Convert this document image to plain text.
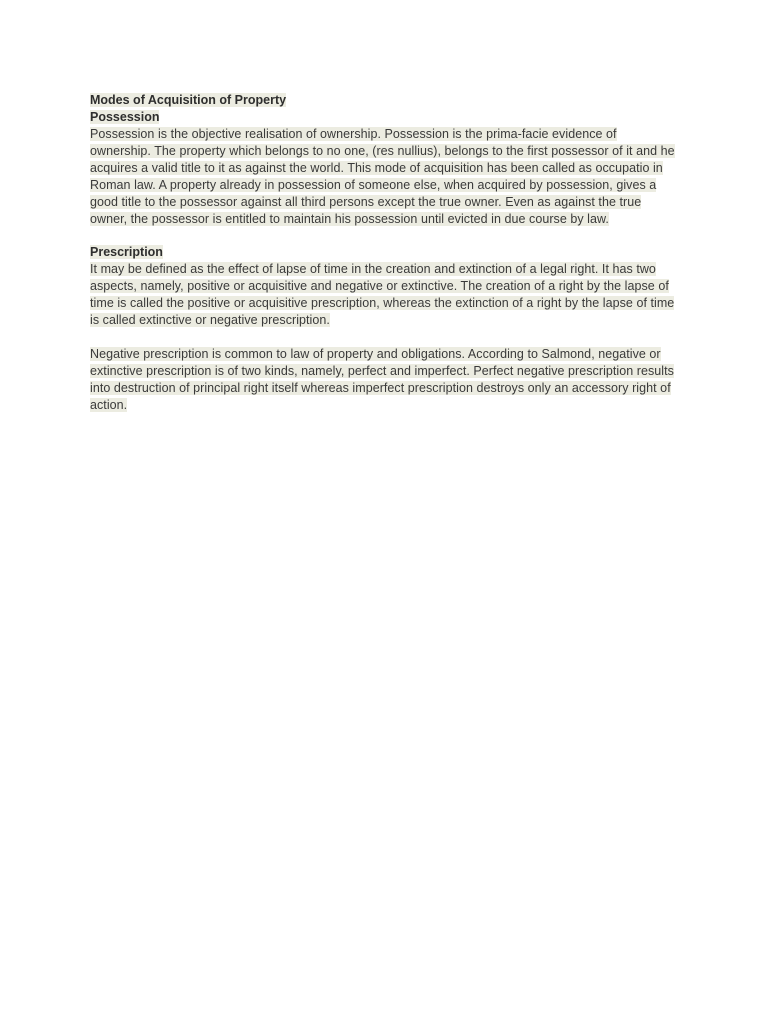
Modes of Acquisition of Property
Possession

Possession is the objective realisation of ownership. Possession is the prima-facie evidence of ownership. The property which belongs to no one, (res nullius), belongs to the first possessor of it and he acquires a valid title to it as against the world. This mode of acquisition has been called as occupatio in Roman law. A property already in possession of someone else, when acquired by possession, gives a good title to the possessor against all third persons except the true owner. Even as against the true owner, the possessor is entitled to maintain his possession until evicted in due course by law.

Prescription

It may be defined as the effect of lapse of time in the creation and extinction of a legal right. It has two aspects, namely, positive or acquisitive and negative or extinctive. The creation of a right by the lapse of time is called the positive or acquisitive prescription, whereas the extinction of a right by the lapse of time is called extinctive or negative prescription.

Negative prescription is common to law of property and obligations. According to Salmond, negative or extinctive prescription is of two kinds, namely, perfect and imperfect. Perfect negative prescription results into destruction of principal right itself whereas imperfect prescription destroys only an accessory right of action.
